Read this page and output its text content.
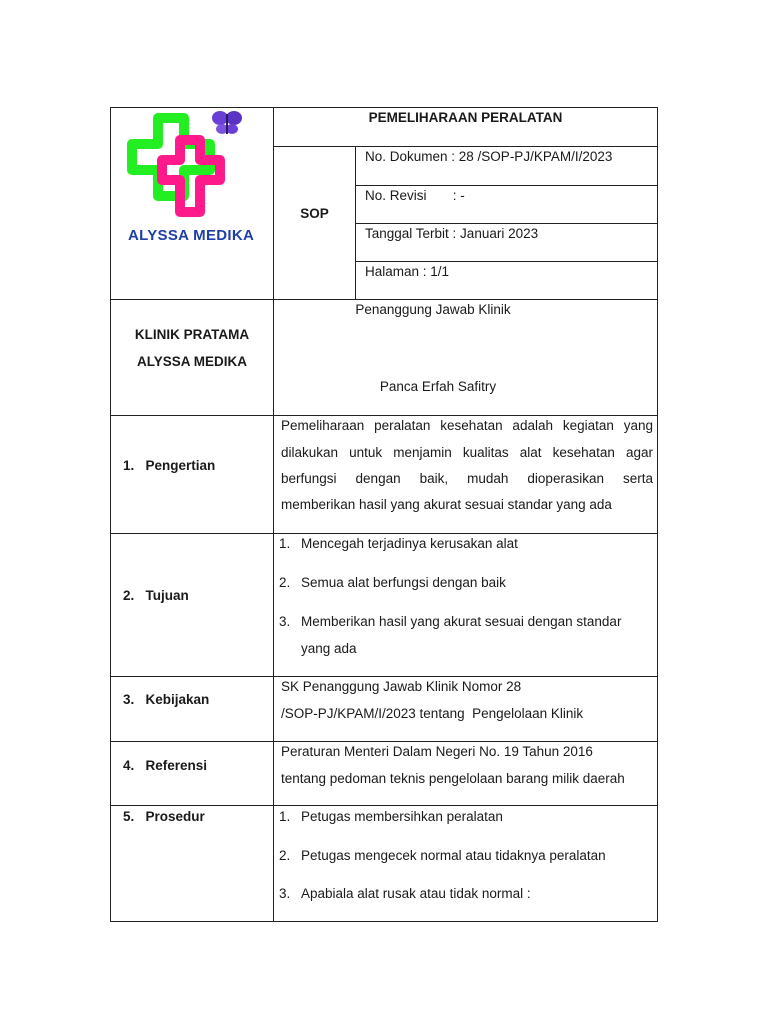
ALYSSA MEDIKA
PEMELIHARAAN PERALATAN
SOP
No. Dokumen : 28 /SOP-PJ/KPAM/I/2023
No. Revisi       : -
Tanggal Terbit : Januari 2023
Halaman : 1/1
KLINIK PRATAMA
ALYSSA MEDIKA
Penanggung Jawab Klinik
Panca Erfah Safitry
1.   Pengertian
Pemeliharaan peralatan kesehatan adalah kegiatan yang
dilakukan untuk menjamin kualitas alat kesehatan agar
berfungsi dengan baik, mudah dioperasikan serta
memberikan hasil yang akurat sesuai standar yang ada
2.   Tujuan
1. Mencegah terjadinya kerusakan alat
2. Semua alat berfungsi dengan baik
3. Memberikan hasil yang akurat sesuai dengan standar
yang ada
3.   Kebijakan
SK Penanggung Jawab Klinik Nomor 28
/SOP-PJ/KPAM/I/2023 tentang  Pengelolaan Klinik
4.   Referensi
Peraturan Menteri Dalam Negeri No. 19 Tahun 2016
tentang pedoman teknis pengelolaan barang milik daerah
5.   Prosedur	1. Petugas membersihkan peralatan
2. Petugas mengecek normal atau tidaknya peralatan
3. Apabiala alat rusak atau tidak normal :
